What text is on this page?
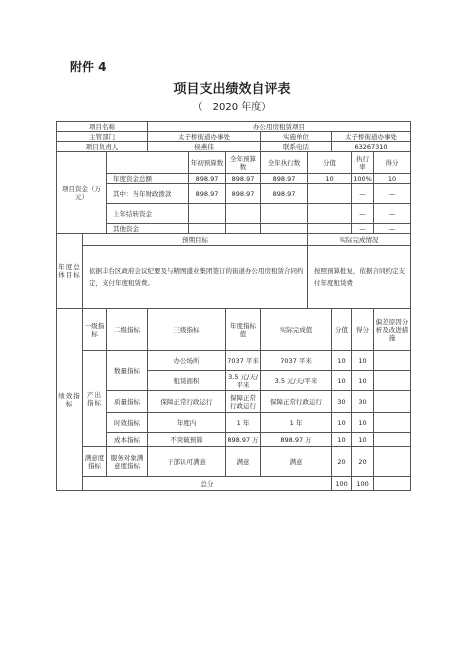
附件 4
项目支出绩效自评表
（　2020 年度）
项目名称			办公用房租赁项目							
主管部门			太子桥街道办事处			实施单位		太子桥街道办事处		
项目负责人			侯燕伟			联系电话		63267310		
项目资金（万元）				年初预算数	全年预算数	全年执行数	分值		执行率	得分
		年度资金总额		898.97	898.97	898.97	10		100%	10
		其中：当年财政拨款		898.97	898.97	898.97			—	—
		上年结转资金							—	—
		其他资金							—	—
年度总体目标	预期目标						实际完成情况			
	依据丰台区政府会议纪要及与精图盛业集团签订的街道办公用房租赁合同约定，支付年度租赁费。						按照预算批复，依据合同约定支付年度租赁费			
绩效指标	一级指标	二级指标	三级指标		年度指标值	实际完成值		分值	得分	偏差原因分析及改进措施
	产出指标	数量指标	办公场所		7037 平米	7037 平米		10	10	
			租赁面积		3.5 元/天/平米	3.5 元/天/平米		10	10	
		质量指标	保障正常行政运行		保障正常行政运行	保障正常行政运行		30	30	
		时效指标	年度内		1 年	1 年		10	10	
		成本指标	不突破预算		898.97 万	898.97 万		10	10	
	满意度指标	服务对象满意度指标	干部认可满意		满意	满意		20	20	
	总分							100	100	
